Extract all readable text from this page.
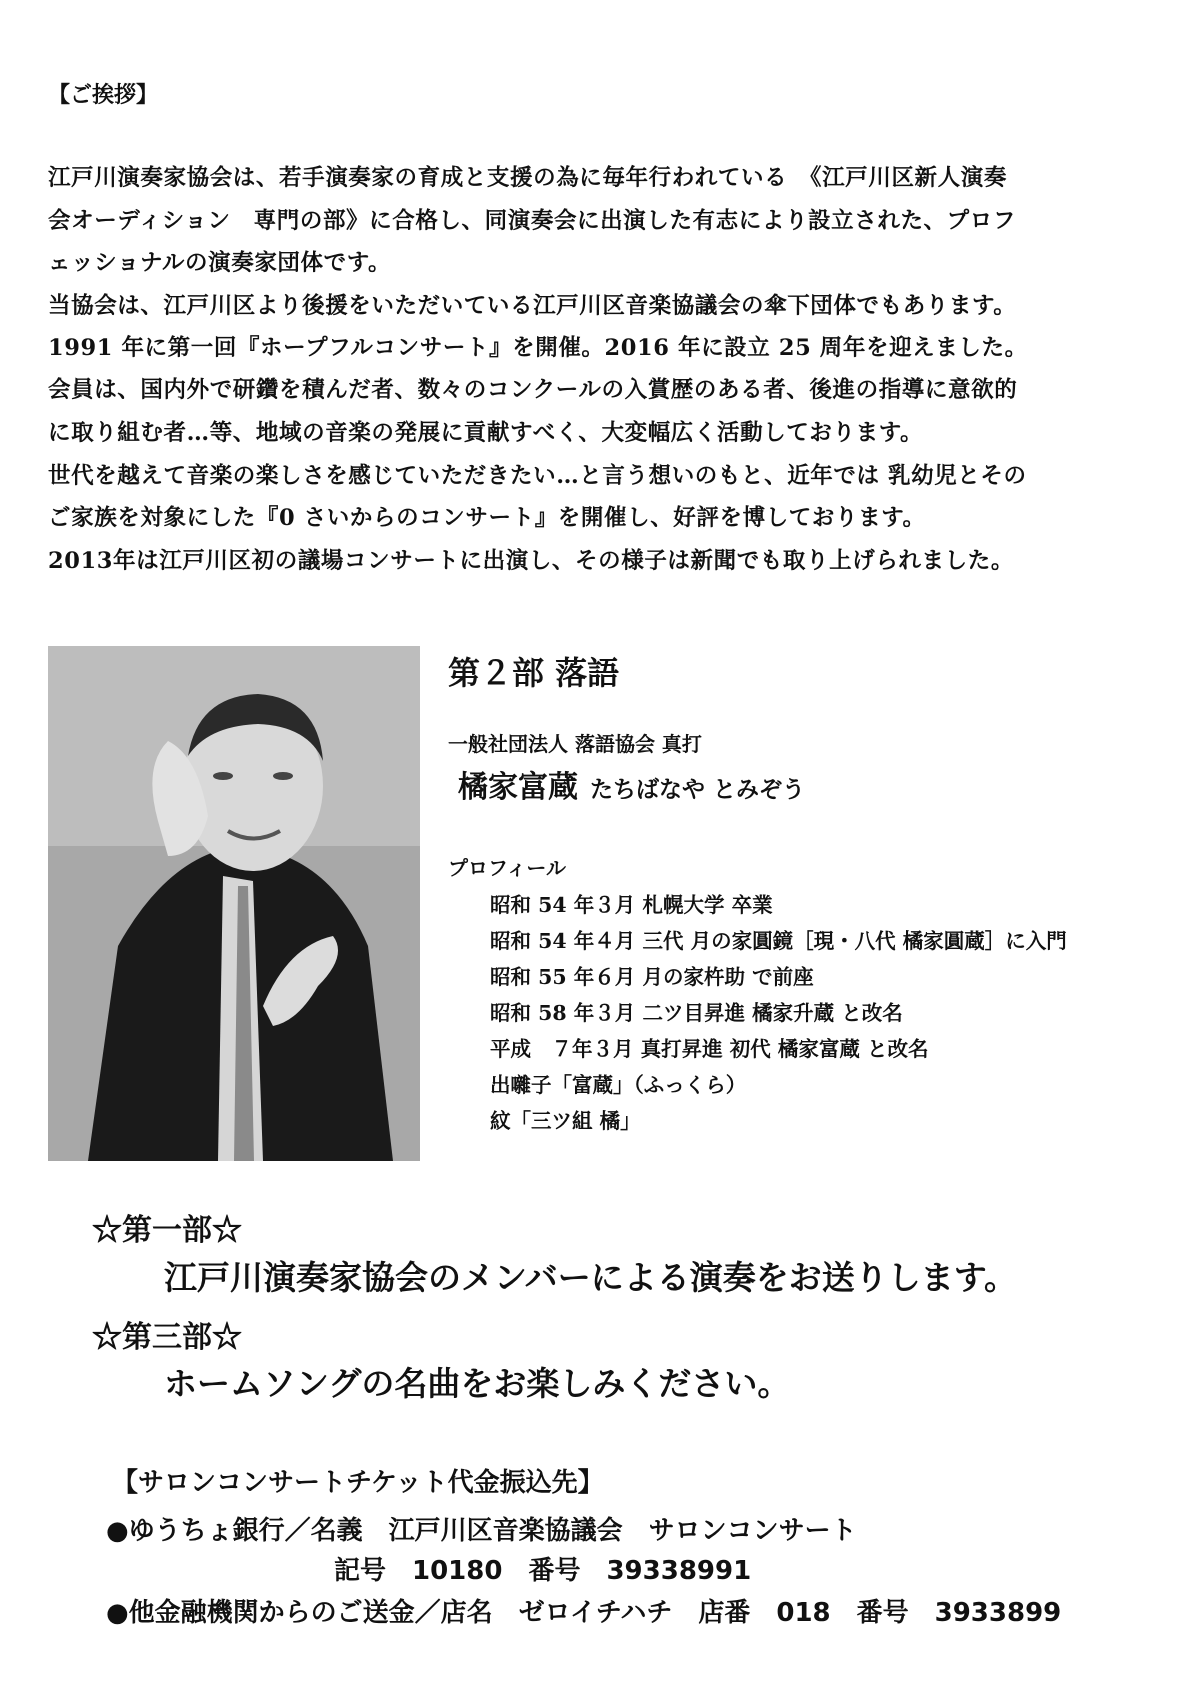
【ご挨拶】
江戸川演奏家協会は、若手演奏家の育成と支援の為に毎年行われている　《江戸川区新人演奏
会オーディション　専門の部》に合格し、同演奏会に出演した有志により設立された、プロフ
ェッショナルの演奏家団体です。
当協会は、江戸川区より後援をいただいている江戸川区音楽協議会の傘下団体でもあります。
1991 年に第一回『ホープフルコンサート』を開催。2016 年に設立 25 周年を迎えました。
会員は、国内外で研鑽を積んだ者、数々のコンクールの入賞歴のある者、後進の指導に意欲的
に取り組む者…等、地域の音楽の発展に貢献すべく、大変幅広く活動しております。
世代を越えて音楽の楽しさを感じていただきたい…と言う想いのもと、近年では 乳幼児とその
ご家族を対象にした『0 さいからのコンサート』を開催し、好評を博しております。
2013年は江戸川区初の議場コンサートに出演し、その様子は新聞でも取り上げられました。
第２部 落語
一般社団法人 落語協会 真打
橘家富蔵 たちばなや とみぞう
プロフィール
昭和 54 年３月 札幌大学 卒業
昭和 54 年４月 三代 月の家圓鏡［現・八代 橘家圓蔵］に入門
昭和 55 年６月 月の家杵助 で前座
昭和 58 年３月 二ツ目昇進 橘家升蔵 と改名
平成　７年３月 真打昇進 初代 橘家富蔵 と改名
出囃子「富蔵」（ふっくら）
紋「三ツ組 橘」
☆第一部☆
江戸川演奏家協会のメンバーによる演奏をお送りします。
☆第三部☆
ホームソングの名曲をお楽しみください。
【サロンコンサートチケット代金振込先】
●ゆうちょ銀行／名義　江戸川区音楽協議会　サロンコンサート
記号　10180　番号　39338991
●他金融機関からのご送金／店名　ゼロイチハチ　店番　018　番号　3933899
